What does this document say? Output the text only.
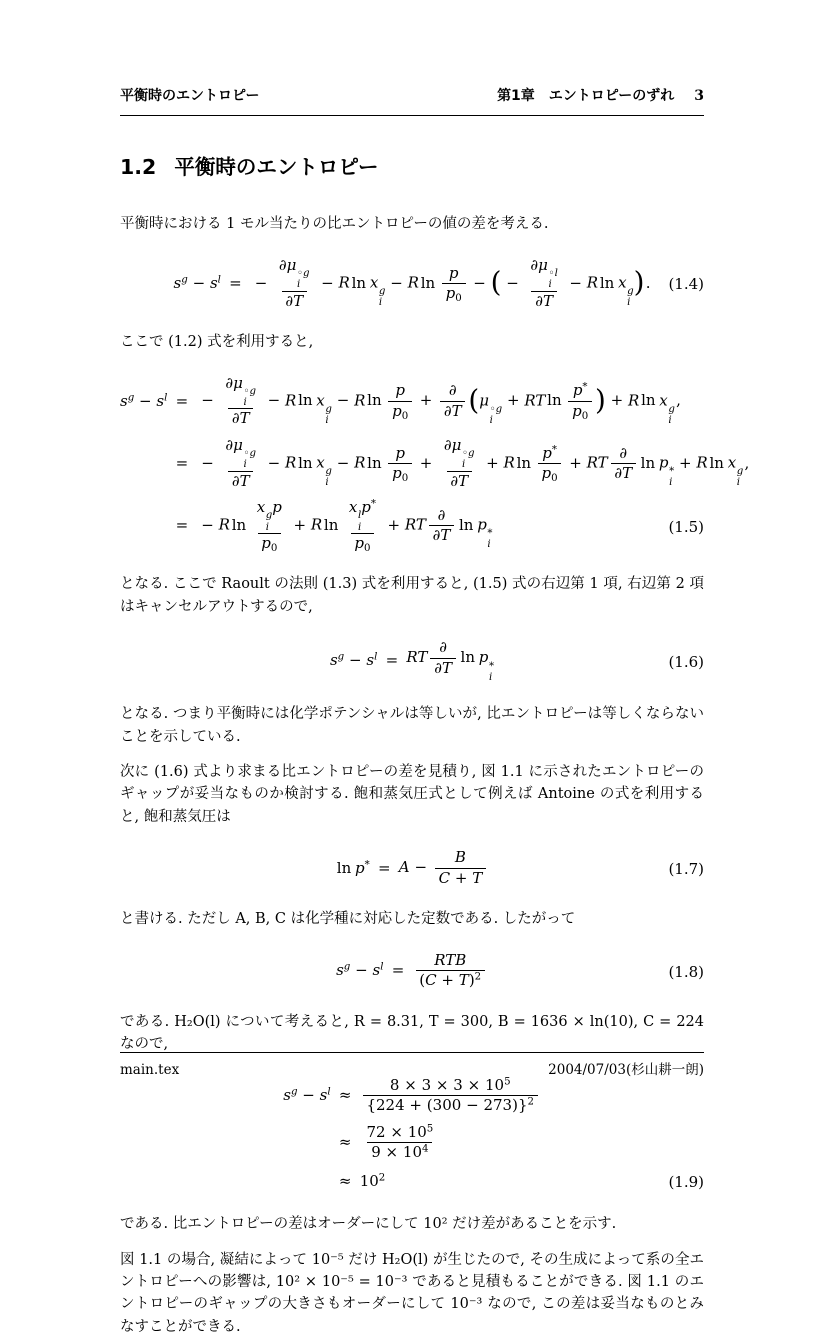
平衡時のエントロピー	第1章　エントロピーのずれ 3
1.2 平衡時のエントロピー

平衡時における 1 モル当たりの比エントロピーの値の差を考える.

$s^g - s^l$	=	− ∂μ ◦g
i
∂T − R ln x g
i
− R $\ln \frac{p}{p0}$ − ( − ∂μ ◦l
i
∂T − R ln x g
i
). (1.4)

ここで (1.2) 式を利用すると,

$s^g - s^l$	=	− ∂μ ◦g
i
∂T − R ln x g
i
− R $\ln \frac{p}{p0} + \frac{\partial}{\partial T} (\mu$ ◦g
i
+ RT $\ln \frac{p^*}{p0}$ ) + R ln x g
i
,
	=	− ∂μ ◦g
i
∂T − R ln x g
i
− R $\ln \frac{p}{p0} + \partial\mu$ ◦g
i
∂T + R $\ln \frac{p^*}{p0}$ + RT $\frac{\partial}{\partial T}$ ln p *
i
+ R ln x g
i
,
	=	− R ln x g
i
p
p0 + R ln x l
i
p*
p0 + RT $\frac{\partial}{\partial T}$ ln p *
i
(1.5)

となる. ここで Raoult の法則 (1.3) 式を利用すると, (1.5) 式の右辺第 1 項, 右辺第 2 項はキャンセルアウトするので,

$s^g - s^l$	=	RT $\frac{\partial}{\partial T}$ ln p *
i
(1.6)

となる. つまり平衡時には化学ポテンシャルは等しいが, 比エントロピーは等しくならないことを示している.

次に (1.6) 式より求まる比エントロピーの差を見積り, 図 1.1 に示されたエントロピーのギャップが妥当なものか検討する. 飽和蒸気圧式として例えば Antoine の式を利用すると, 飽和蒸気圧は

ln p*	=	$A - \frac{B}{C + T}$	(1.7)

と書ける. ただし A, B, C は化学種に対応した定数である. したがって

$s^g - s^l$	=	$\frac{\text{RTB}}{(C + T)^2}$	(1.8)

である. H₂O(l) について考えると, R = 8.31, T = 300, B = 1636 × ln(10), C = 224 なので,

$s^g - s^l$	≈	$\frac{8 \times 3 \times 3 \times 10^5}{\{224 + (300 - 273)\}^2}$

	≈	$\frac{72 \times 10^5}{9 \times 10^4}$

	≈	$10^2$	(1.9)

である. 比エントロピーの差はオーダーにして 10² だけ差があることを示す.

図 1.1 の場合, 凝結によって 10⁻⁵ だけ H₂O(l) が生じたので, その生成によって系の全エントロピーへの影響は, 10² × 10⁻⁵ = 10⁻³ であると見積もることができる. 図 1.1 のエントロピーのギャップの大きさもオーダーにして 10⁻³ なので, この差は妥当なものとみなすことができる.

main.tex	2004/07/03(杉山耕一朗)
